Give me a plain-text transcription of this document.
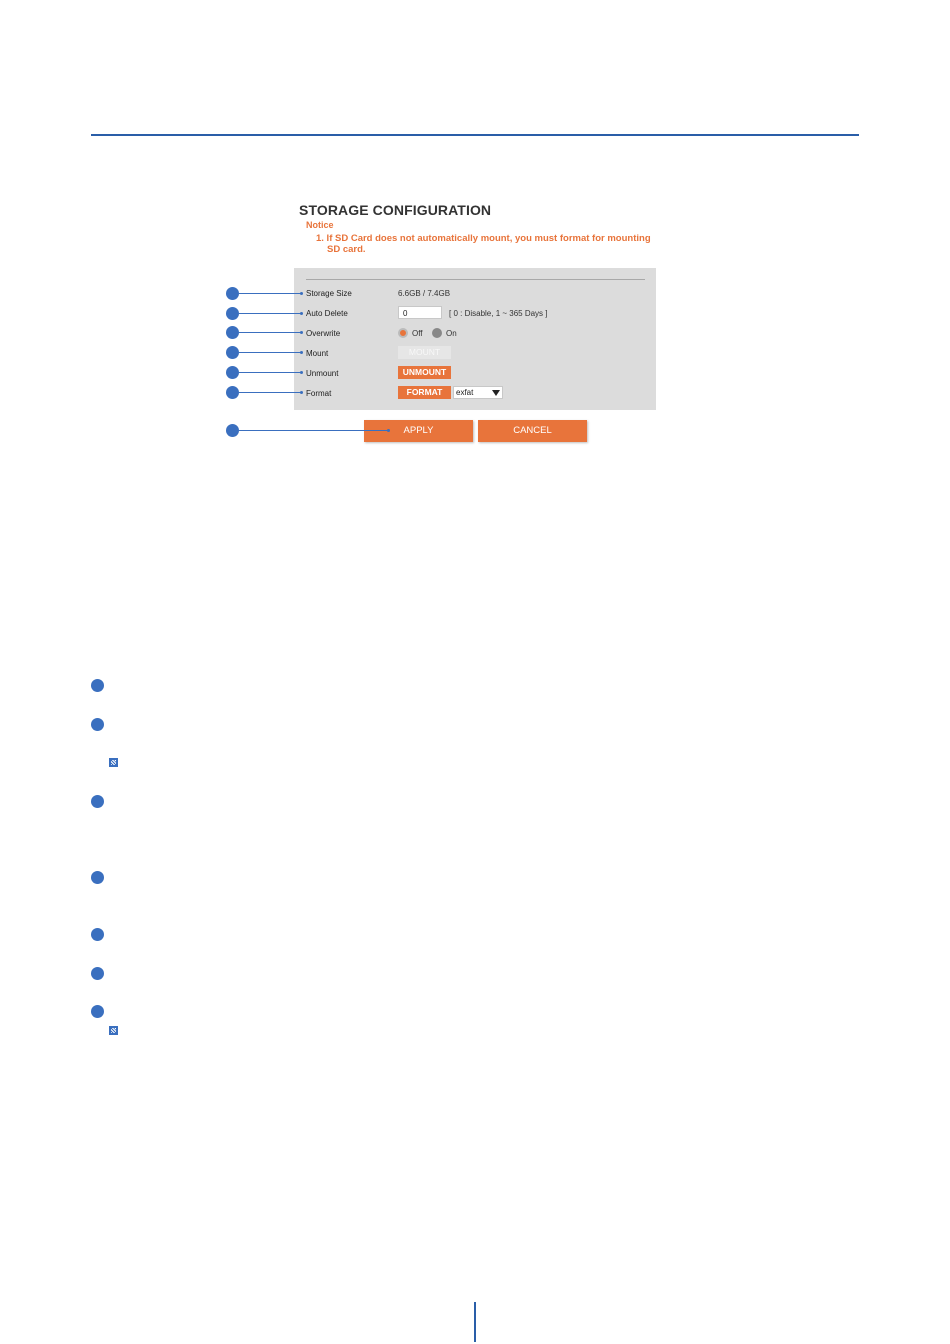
STORAGE CONFIGURATION
Notice
1. If SD Card does not automatically mount, you must format for mounting
SD card.
Storage Size	6.6GB / 7.4GB
Auto Delete	0	[ 0 : Disable, 1 ~ 365 Days ]
Overwrite	Off	On
Mount	MOUNT
Unmount	UNMOUNT
Format	FORMAT	exfat
APPLY	CANCEL
